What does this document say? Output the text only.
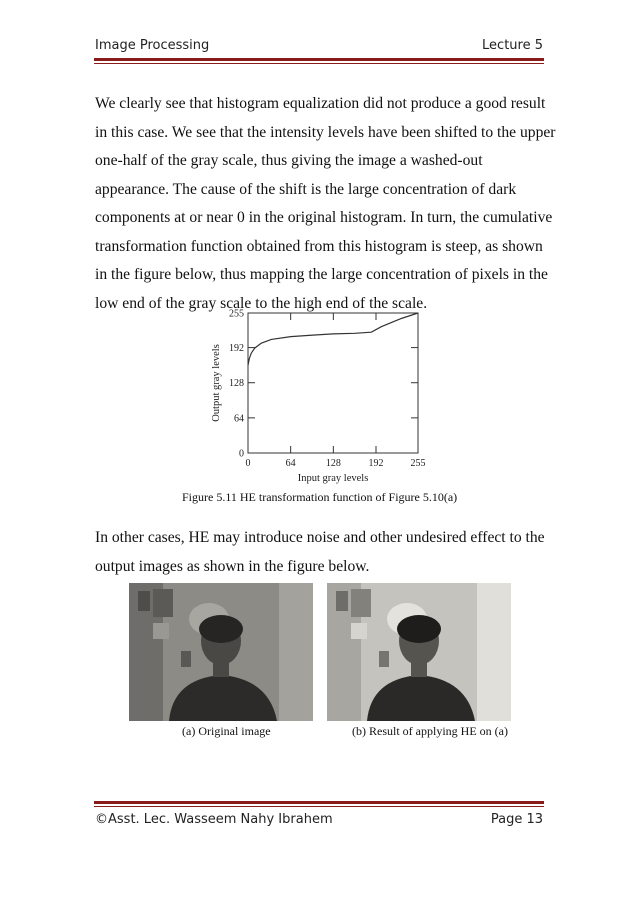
Image Processing	Lecture 5
We clearly see that histogram equalization did not produce a good result
in this case. We see that the intensity levels have been shifted to the upper
one-half of the gray scale, thus giving the image a washed-out
appearance. The cause of the shift is the large concentration of dark
components at or near 0 in the original histogram. In turn, the cumulative
transformation function obtained from this histogram is steep, as shown
in the figure below, thus mapping the large concentration of pixels in the
low end of the gray scale to the high end of the scale.
0
0
64
64
128
128
192
192
255
255
Input gray levels
Output gray levels
Figure 5.11 HE transformation function of Figure 5.10(a)
In other cases, HE may introduce noise and other undesired effect to the
output images as shown in the figure below.
(a) Original image	(b) Result of applying HE on (a)
©Asst. Lec. Wasseem Nahy Ibrahem	Page 13
